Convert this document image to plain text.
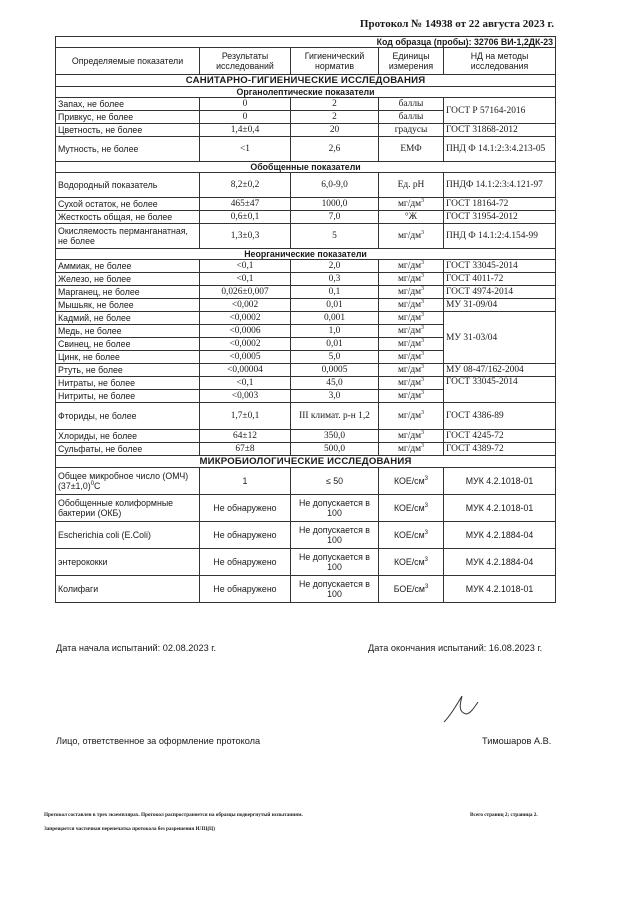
Протокол № 14938 от 22 августа 2023 г.
Код образца (пробы): 32706 ВИ-1,2ДК-23				
Определяемые показатели	Результаты исследований	Гигиенический норматив	Единицы измерения	НД на методы исследования
САНИТАРНО-ГИГИЕНИЧЕСКИЕ ИССЛЕДОВАНИЯ				
Органолептические показатели				
Запах, не более	0	2	баллы	ГОСТ Р 57164-2016
Привкус, не более	0	2	баллы	
Цветность, не более	1,4±0,4	20	градусы	ГОСТ 31868-2012
Мутность, не более	<1	2,6	ЕМФ	ПНД Ф 14.1:2:3:4.213-05
Обобщенные показатели				
Водородный показатель	8,2±0,2	6,0-9,0	Ед. pH	ПНДФ 14.1:2:3:4.121-97
Сухой остаток, не более	465±47	1000,0	$мг/дм^3$	ГОСТ 18164-72
Жесткость общая, не более	0,6±0,1	7,0	°Ж	ГОСТ 31954-2012
Окисляемость перманганатная, не более	1,3±0,3	5	$мг/дм^3$	ПНД Ф 14.1:2:4.154-99
Неорганические показатели				
Аммиак, не более	<0,1	2,0	$мг/дм^3$	ГОСТ 33045-2014
Железо, не более	<0,1	0,3	$мг/дм^3$	ГОСТ 4011-72
Марганец, не более	0,026±0,007	0,1	$мг/дм^3$	ГОСТ 4974-2014
Мышьяк, не более	<0,002	0,01	$мг/дм^3$	МУ 31-09/04
Кадмий, не более	<0,0002	0,001	$мг/дм^3$	МУ 31-03/04
Медь, не более	<0,0006	1,0	$мг/дм^3$
Свинец, не более	<0,0002	0,01	$мг/дм^3$
Цинк, не более	<0,0005	5,0	$мг/дм^3$
Ртуть, не более	<0,00004	0,0005	$мг/дм^3$	МУ 08-47/162-2004
Нитраты, не более	<0,1	45,0	$мг/дм^3$	ГОСТ 33045-2014
Нитриты, не более	<0,003	3,0	$мг/дм^3$
Фториды, не более	1,7±0,1	III климат. р-н 1,2	$мг/дм^3$	ГОСТ 4386-89
Хлориды, не более	64±12	350,0	$мг/дм^3$	ГОСТ 4245-72
Сульфаты, не более	67±8	500,0	$мг/дм^3$	ГОСТ 4389-72
МИКРОБИОЛОГИЧЕСКИЕ ИССЛЕДОВАНИЯ				
Общее микробное число (ОМЧ) $(37\pm 1,0)^0С$	1	≤ 50	КОЕ/$см^3$	МУК 4.2.1018-01
Обобщенные колиформные бактерии (ОКБ)	Не обнаружено	Не допускается в 100	КОЕ/$см^3$	МУК 4.2.1018-01
Escherichia coli (E.Coli)	Не обнаружено	Не допускается в 100	КОЕ/$см^3$	МУК 4.2.1884-04
энтерококки	Не обнаружено	Не допускается в 100	КОЕ/$см^3$	МУК 4.2.1884-04
Колифаги	Не обнаружено	Не допускается в 100	БОЕ/$см^3$	МУК 4.2.1018-01
Дата начала испытаний: 02.08.2023 г.	Дата окончания испытаний: 16.08.2023 г.
Лицо, ответственное за оформление протокола	Тимошаров А.В.
Протокол составлен в трех экземплярах. Протокол распространяется на образцы подвергнутый испытаниям.	Всего страниц 2; страница 2.
Запрещается частичная перепечатка протокола без разрешения ИЛЦ(Ц)
